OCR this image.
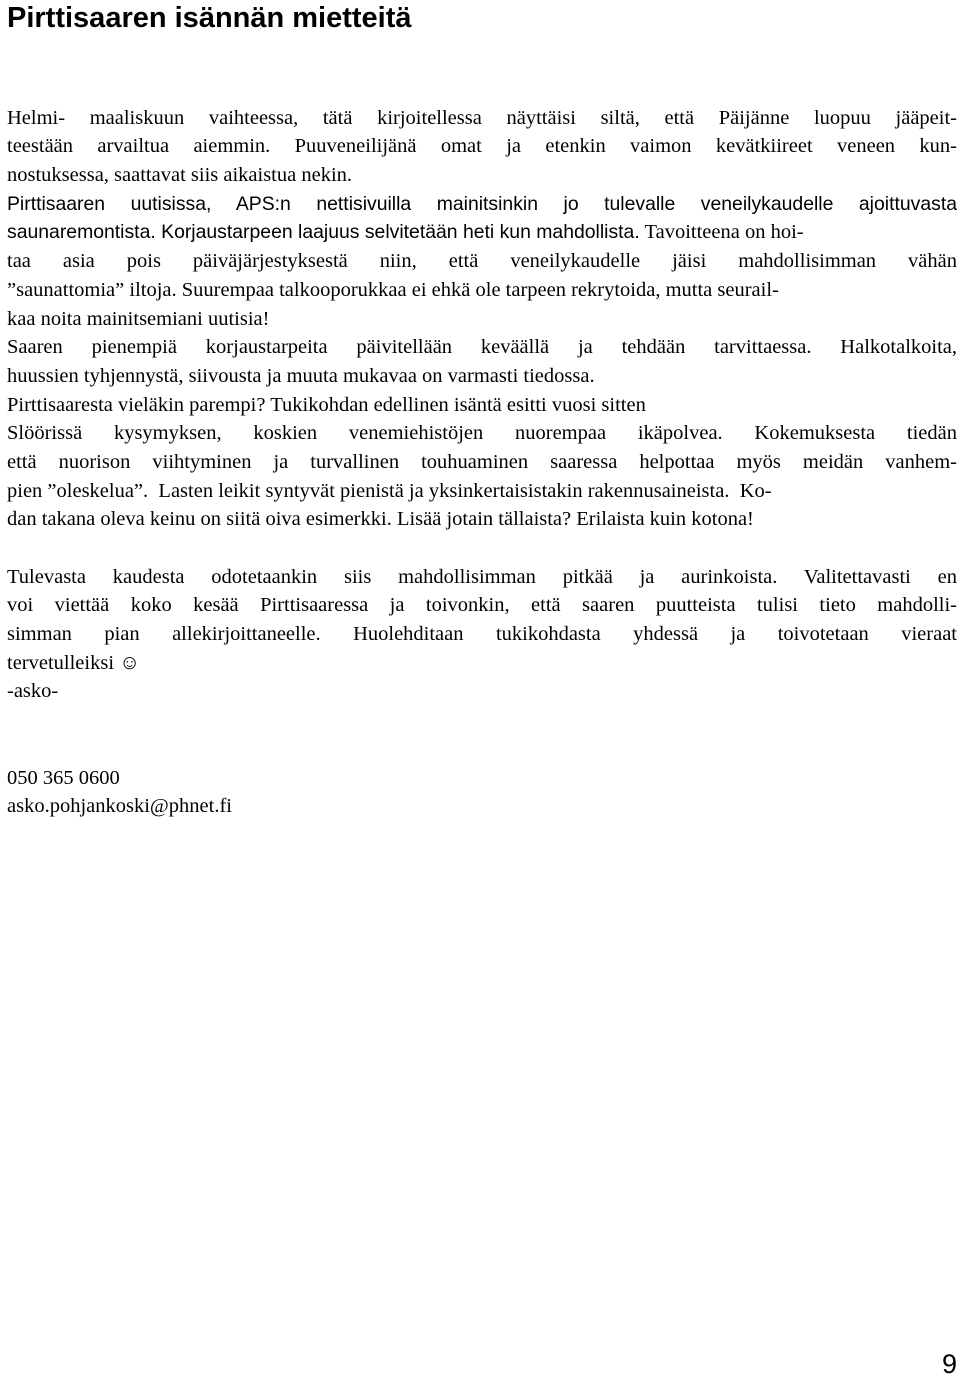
Pirttisaaren isännän mietteitä
Helmi- maaliskuun vaihteessa, tätä kirjoitellessa näyttäisi siltä, että Päijänne luopuu jääpeit-
teestään arvailtua aiemmin. Puuveneilijänä omat ja etenkin vaimon kevätkiireet veneen kun-
nostuksessa, saattavat siis aikaistua nekin.
Pirttisaaren uutisissa, APS:n nettisivuilla mainitsinkin jo tulevalle veneilykaudelle ajoittuvasta
saunaremontista. Korjaustarpeen laajuus selvitetään heti kun mahdollista. Tavoitteena on hoi-
taa asia pois päiväjärjestyksestä niin, että veneilykaudelle jäisi mahdollisimman vähän
”saunattomia” iltoja. Suurempaa talkooporukkaa ei ehkä ole tarpeen rekrytoida, mutta seurail-
kaa noita mainitsemiani uutisia!
Saaren pienempiä korjaustarpeita päivitellään keväällä ja tehdään tarvittaessa. Halkotalkoita,
huussien tyhjennystä, siivousta ja muuta mukavaa on varmasti tiedossa.
Pirttisaaresta vieläkin parempi? Tukikohdan edellinen isäntä esitti vuosi sitten
Slöörissä kysymyksen, koskien venemiehistöjen nuorempaa ikäpolvea. Kokemuksesta tiedän
että nuorison viihtyminen ja turvallinen touhuaminen saaressa helpottaa myös meidän vanhem-
pien ”oleskelua”. Lasten leikit syntyvät pienistä ja yksinkertaisistakin rakennusaineista. Ko-
dan takana oleva keinu on siitä oiva esimerkki. Lisää jotain tällaista? Erilaista kuin kotona!
Tulevasta kaudesta odotetaankin siis mahdollisimman pitkää ja aurinkoista. Valitettavasti en
voi viettää koko kesää Pirttisaaressa ja toivonkin, että saaren puutteista tulisi tieto mahdolli-
simman pian allekirjoittaneelle. Huolehditaan tukikohdasta yhdessä ja toivotetaan vieraat
tervetulleiksi ☺
-asko-
050 365 0600
asko.pohjankoski@phnet.fi
9
